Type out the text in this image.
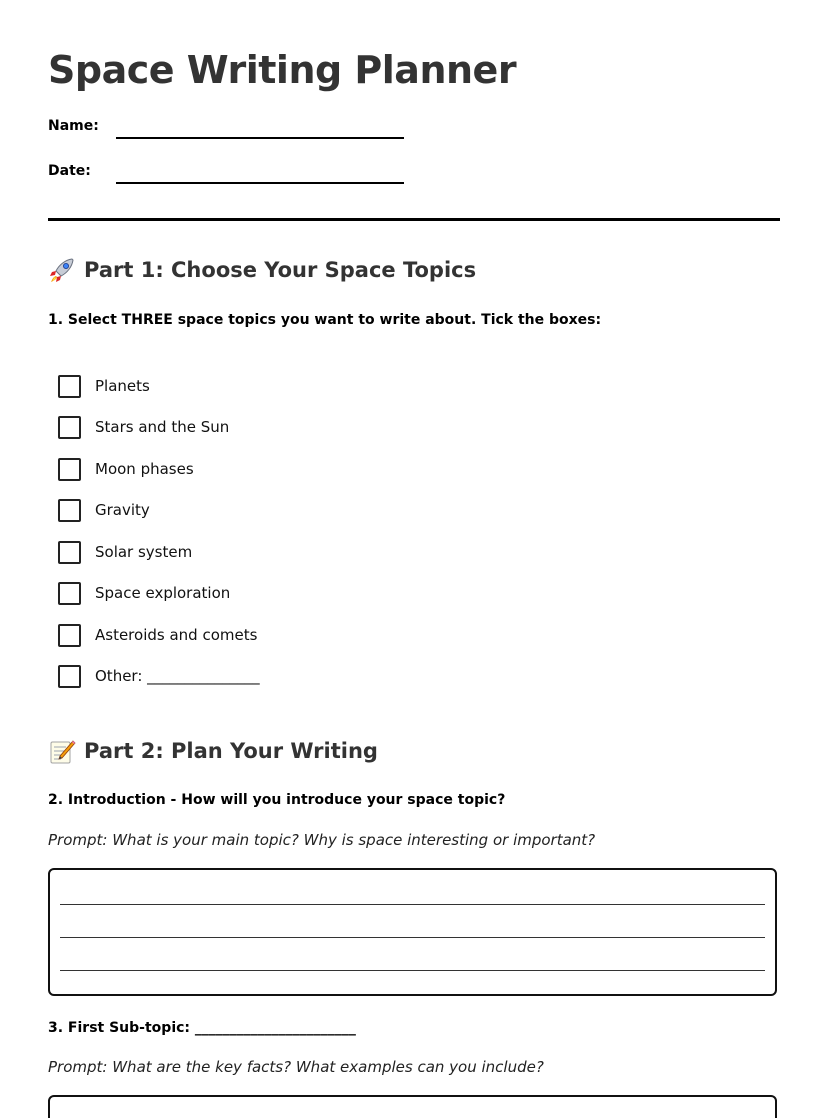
Space Writing Planner
Name:
Date:
Part 1: Choose Your Space Topics

1. Select THREE space topics you want to write about. Tick the boxes:

Planets
Stars and the Sun
Moon phases
Gravity
Solar system
Space exploration
Asteroids and comets
Other: _______________
Part 2: Plan Your Writing

2. Introduction - How will you introduce your space topic?

Prompt: What is your main topic? Why is space interesting or important?

3. First Sub-topic: _______________________

Prompt: What are the key facts? What examples can you include?
